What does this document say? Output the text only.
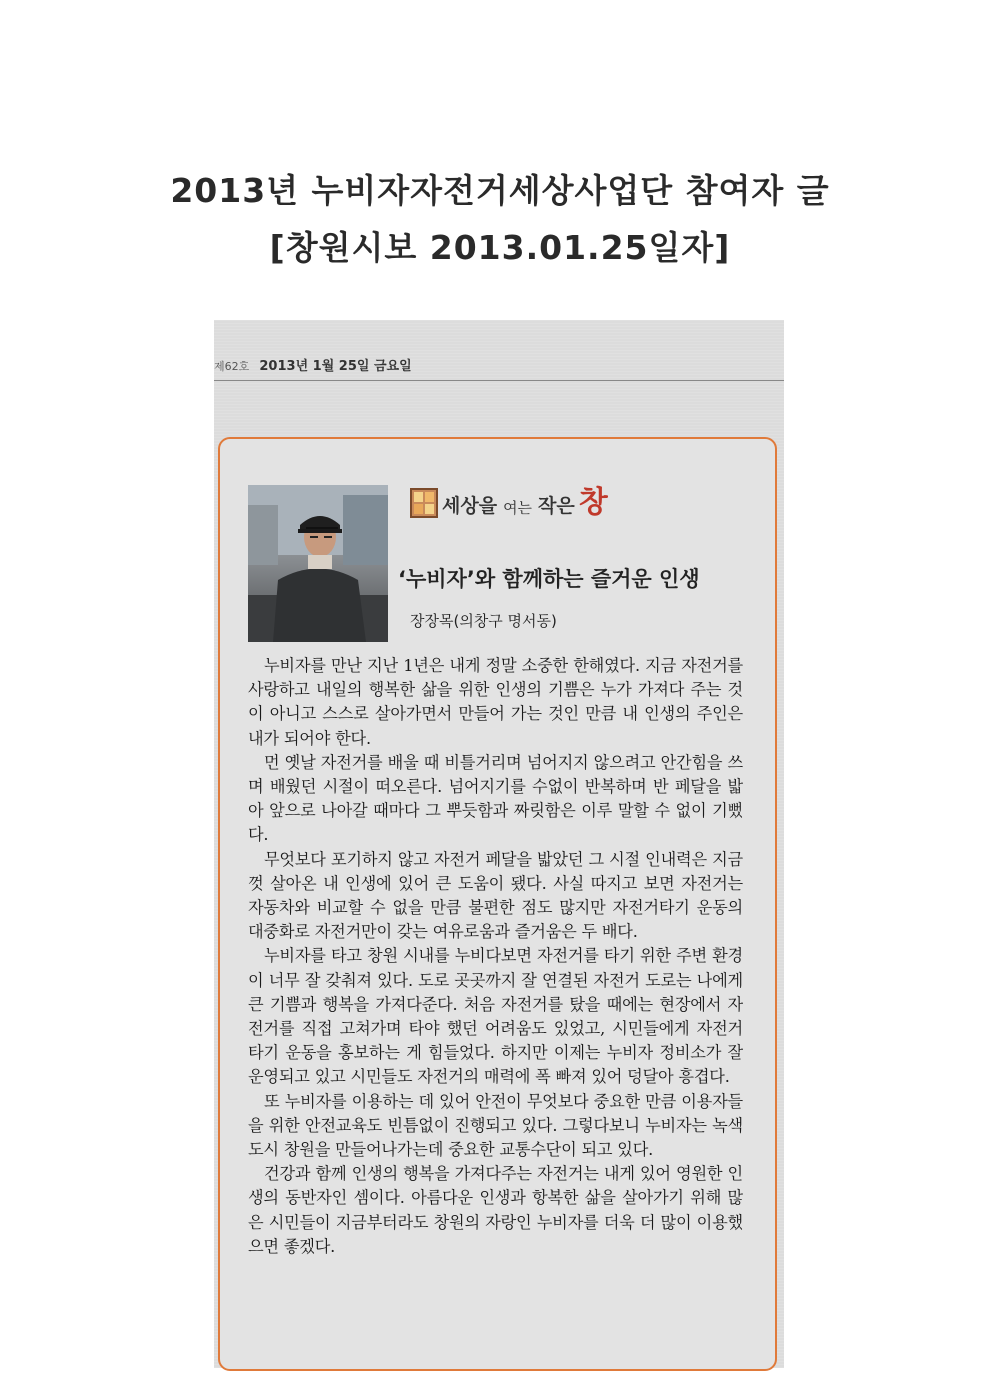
2013년 누비자자전거세상사업단 참여자 글
[창원시보 2013.01.25일자]
제62호 2013년 1월 25일 금요일
세상을 여는 작은 창
‘누비자’와 함께하는 즐거운 인생
장장목(의창구 명서동)

누비자를 만난 지난 1년은 내게 정말 소중한 한해였다. 지금 자전거를 사랑하고 내일의 행복한 삶을 위한 인생의 기쁨은 누가 가져다 주는 것이 아니고 스스로 살아가면서 만들어 가는 것인 만큼 내 인생의 주인은 내가 되어야 한다.

먼 옛날 자전거를 배울 때 비틀거리며 넘어지지 않으려고 안간힘을 쓰며 배웠던 시절이 떠오른다. 넘어지기를 수없이 반복하며 반 페달을 밟아 앞으로 나아갈 때마다 그 뿌듯함과 짜릿함은 이루 말할 수 없이 기뻤다.

무엇보다 포기하지 않고 자전거 페달을 밟았던 그 시절 인내력은 지금껏 살아온 내 인생에 있어 큰 도움이 됐다. 사실 따지고 보면 자전거는 자동차와 비교할 수 없을 만큼 불편한 점도 많지만 자전거타기 운동의 대중화로 자전거만이 갖는 여유로움과 즐거움은 두 배다.

누비자를 타고 창원 시내를 누비다보면 자전거를 타기 위한 주변 환경이 너무 잘 갖춰져 있다. 도로 곳곳까지 잘 연결된 자전거 도로는 나에게 큰 기쁨과 행복을 가져다준다. 처음 자전거를 탔을 때에는 현장에서 자전거를 직접 고쳐가며 타야 했던 어려움도 있었고, 시민들에게 자전거 타기 운동을 홍보하는 게 힘들었다. 하지만 이제는 누비자 정비소가 잘 운영되고 있고 시민들도 자전거의 매력에 폭 빠져 있어 덩달아 흥겹다.

또 누비자를 이용하는 데 있어 안전이 무엇보다 중요한 만큼 이용자들을 위한 안전교육도 빈틈없이 진행되고 있다. 그렇다보니 누비자는 녹색도시 창원을 만들어나가는데 중요한 교통수단이 되고 있다.

건강과 함께 인생의 행복을 가져다주는 자전거는 내게 있어 영원한 인생의 동반자인 셈이다. 아름다운 인생과 항복한 삶을 살아가기 위해 많은 시민들이 지금부터라도 창원의 자랑인 누비자를 더욱 더 많이 이용했으면 좋겠다.
